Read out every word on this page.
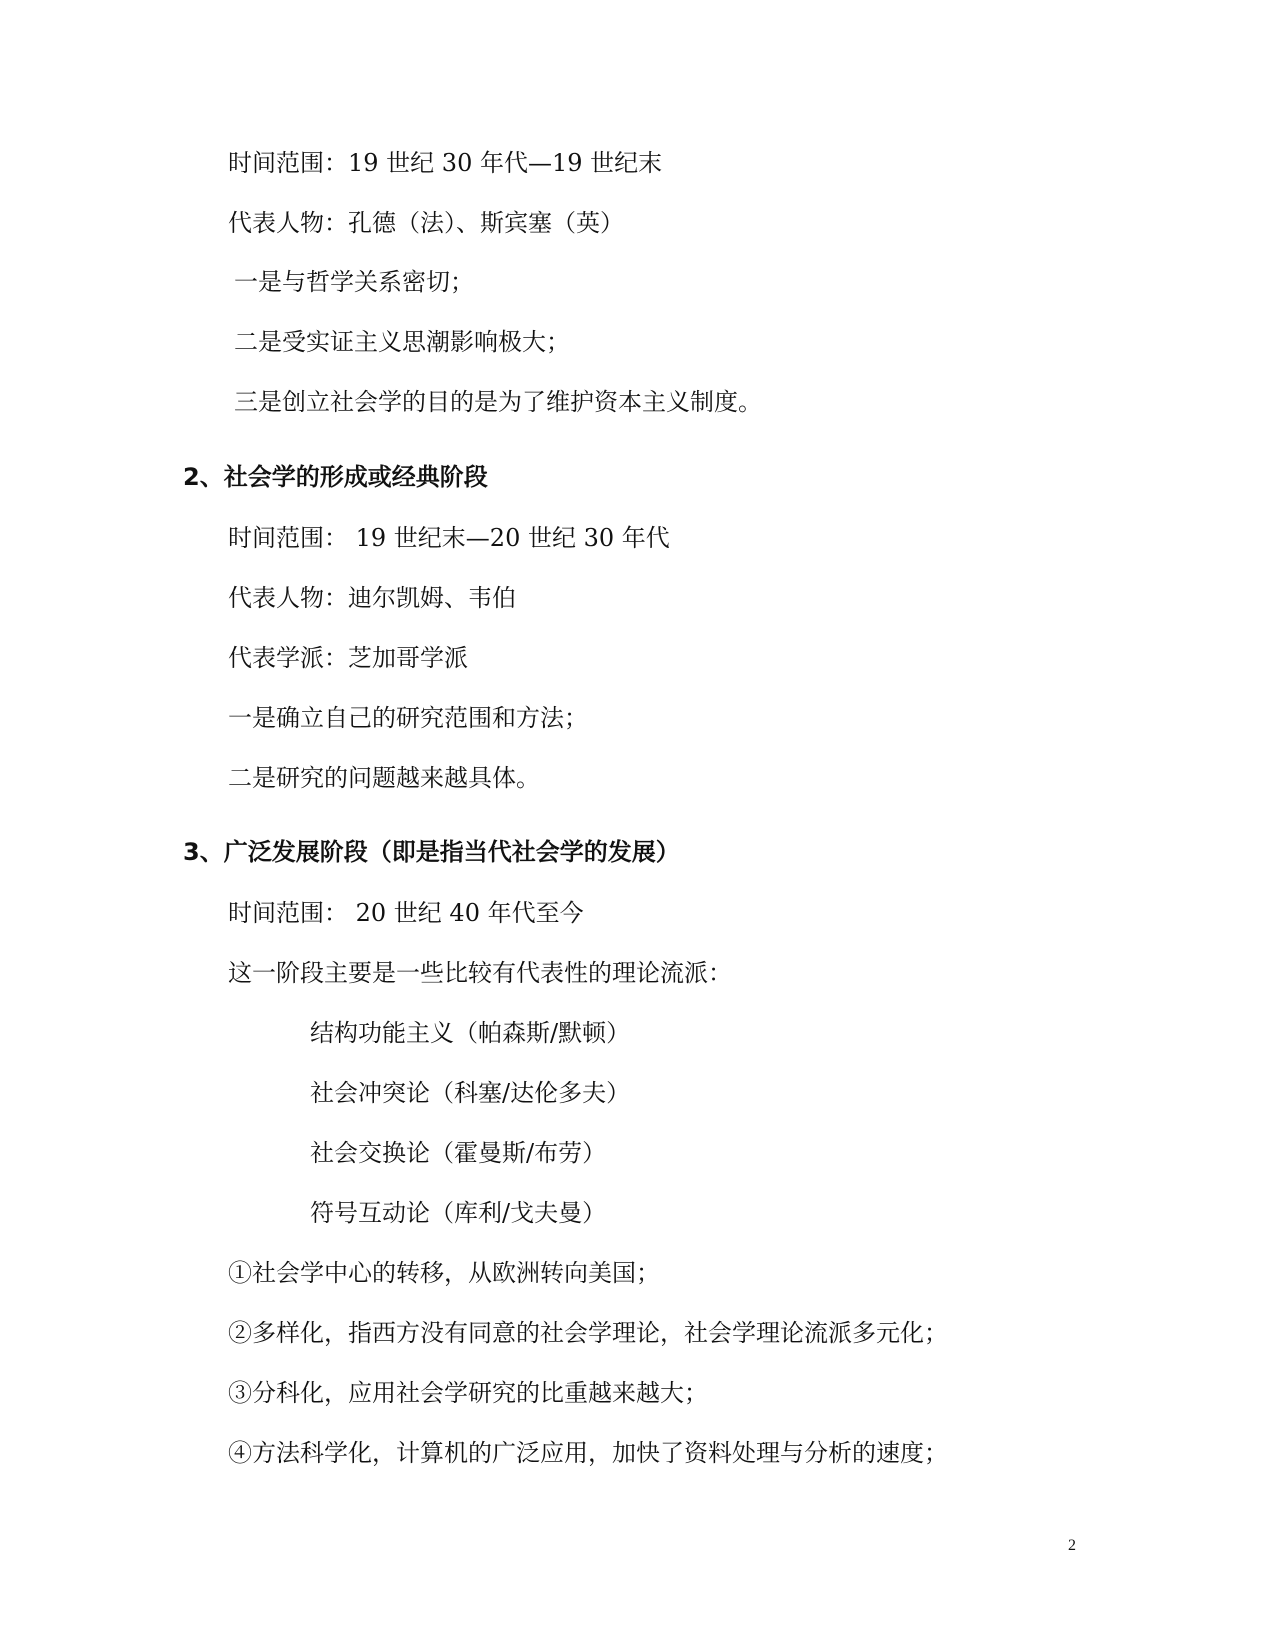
时间范围：19 世纪 30 年代—19 世纪末
代表人物：孔德（法）、斯宾塞（英）
一是与哲学关系密切；
二是受实证主义思潮影响极大；
三是创立社会学的目的是为了维护资本主义制度。
2、社会学的形成或经典阶段
时间范围： 19 世纪末—20 世纪 30 年代
代表人物：迪尔凯姆、韦伯
代表学派：芝加哥学派
一是确立自己的研究范围和方法；
二是研究的问题越来越具体。
3、广泛发展阶段（即是指当代社会学的发展）
时间范围： 20 世纪 40 年代至今
这一阶段主要是一些比较有代表性的理论流派：
结构功能主义（帕森斯/默顿）
社会冲突论（科塞/达伦多夫）
社会交换论（霍曼斯/布劳）
符号互动论（库利/戈夫曼）
①社会学中心的转移，从欧洲转向美国；
②多样化，指西方没有同意的社会学理论，社会学理论流派多元化；
③分科化，应用社会学研究的比重越来越大；
④方法科学化，计算机的广泛应用，加快了资料处理与分析的速度；
2
